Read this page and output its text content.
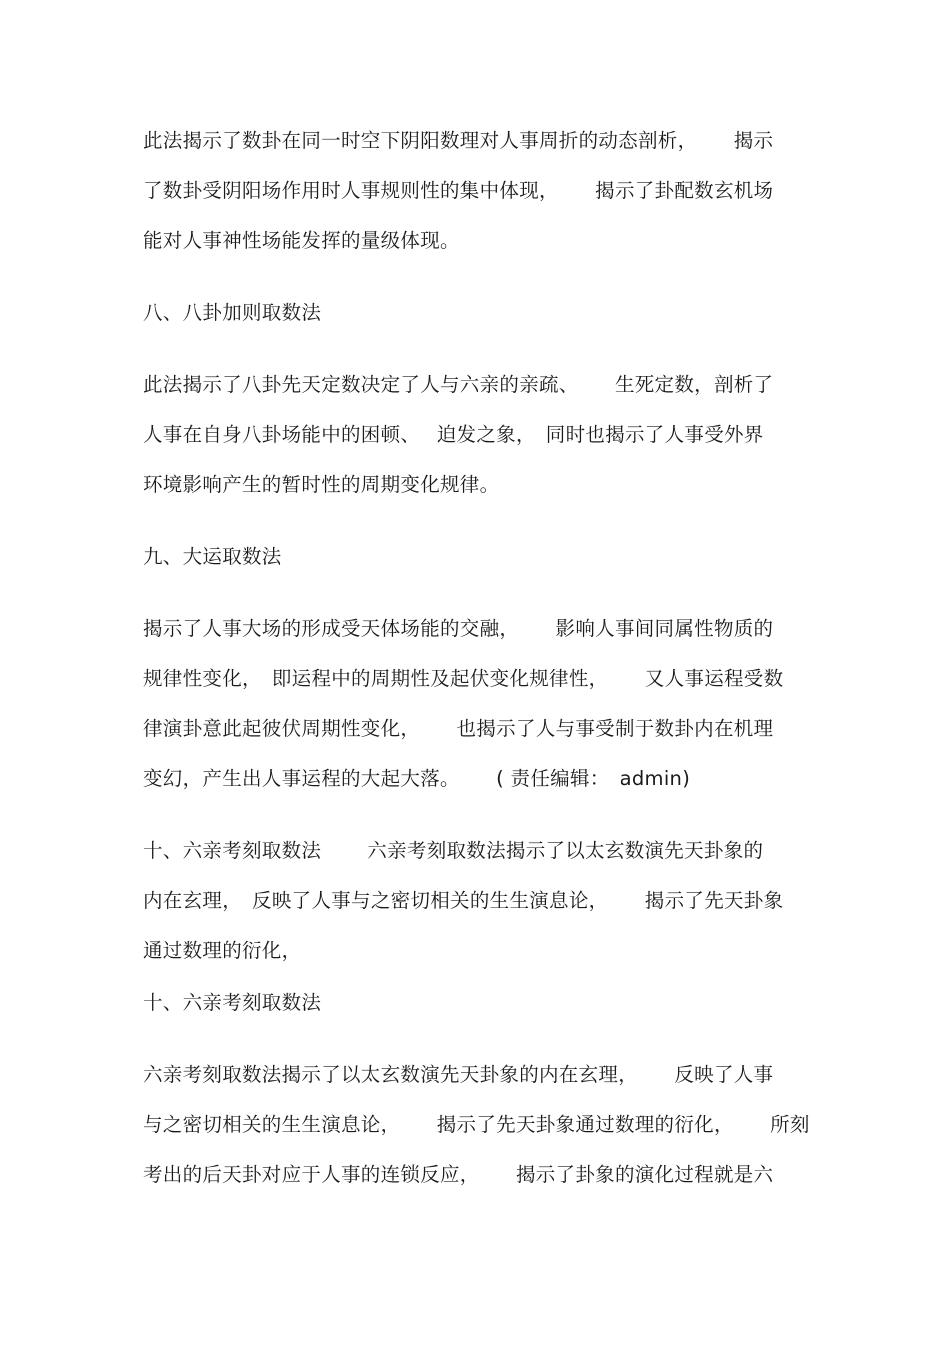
此法揭示了数卦在同一时空下阴阳数理对人事周折的动态剖析，　 　揭示
了数卦受阴阳场作用时人事规则性的集中体现，　 　揭示了卦配数玄机场
能对人事神性场能发挥的量级体现。
八、八卦加则取数法
此法揭示了八卦先天定数决定了人与六亲的亲疏、　 　生死定数，剖析了
人事在自身八卦场能中的困顿、　 迫发之象，　同时也揭示了人事受外界
环境影响产生的暂时性的周期变化规律。
九、大运取数法
揭示了人事大场的形成受天体场能的交融，　 　影响人事间同属性物质的
规律性变化，　即运程中的周期性及起伏变化规律性，　 　又人事运程受数
律演卦意此起彼伏周期性变化，　 　也揭示了人与事受制于数卦内在机理
变幻，产生出人事运程的大起大落。　 　( 责任编辑：　admin)
十、六亲考刻取数法　 　六亲考刻取数法揭示了以太玄数演先天卦象的
内在玄理，　反映了人事与之密切相关的生生演息论，　 　揭示了先天卦象
通过数理的衍化，
十、六亲考刻取数法
六亲考刻取数法揭示了以太玄数演先天卦象的内在玄理，　 　反映了人事
与之密切相关的生生演息论，　 　揭示了先天卦象通过数理的衍化，　 　所刻
考出的后天卦对应于人事的连锁反应，　 　揭示了卦象的演化过程就是六
